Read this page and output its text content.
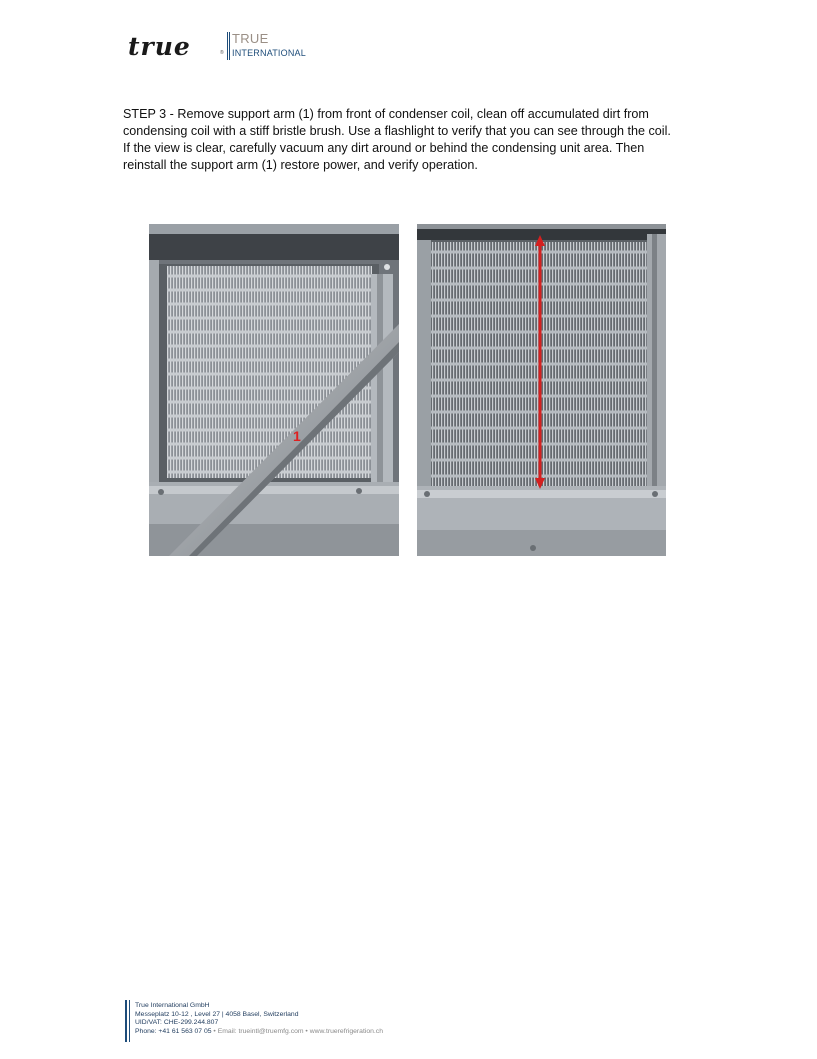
true	®
TRUE
INTERNATIONAL
STEP 3 - Remove support arm (1) from front of condenser coil, clean off accumulated dirt from
condensing coil with a stiff bristle brush. Use a flashlight to verify that you can see through the coil.
If the view is clear, carefully vacuum any dirt around or behind the condensing unit area. Then
reinstall the support arm (1) restore power, and verify operation.
1
True International GmbH
Messeplatz 10-12 , Level 27 | 4058 Basel, Switzerland
UID/VAT: CHE-299.244.807
Phone: +41 61 563 07 05 • Email: trueintl@truemfg.com • www.truerefrigeration.ch
